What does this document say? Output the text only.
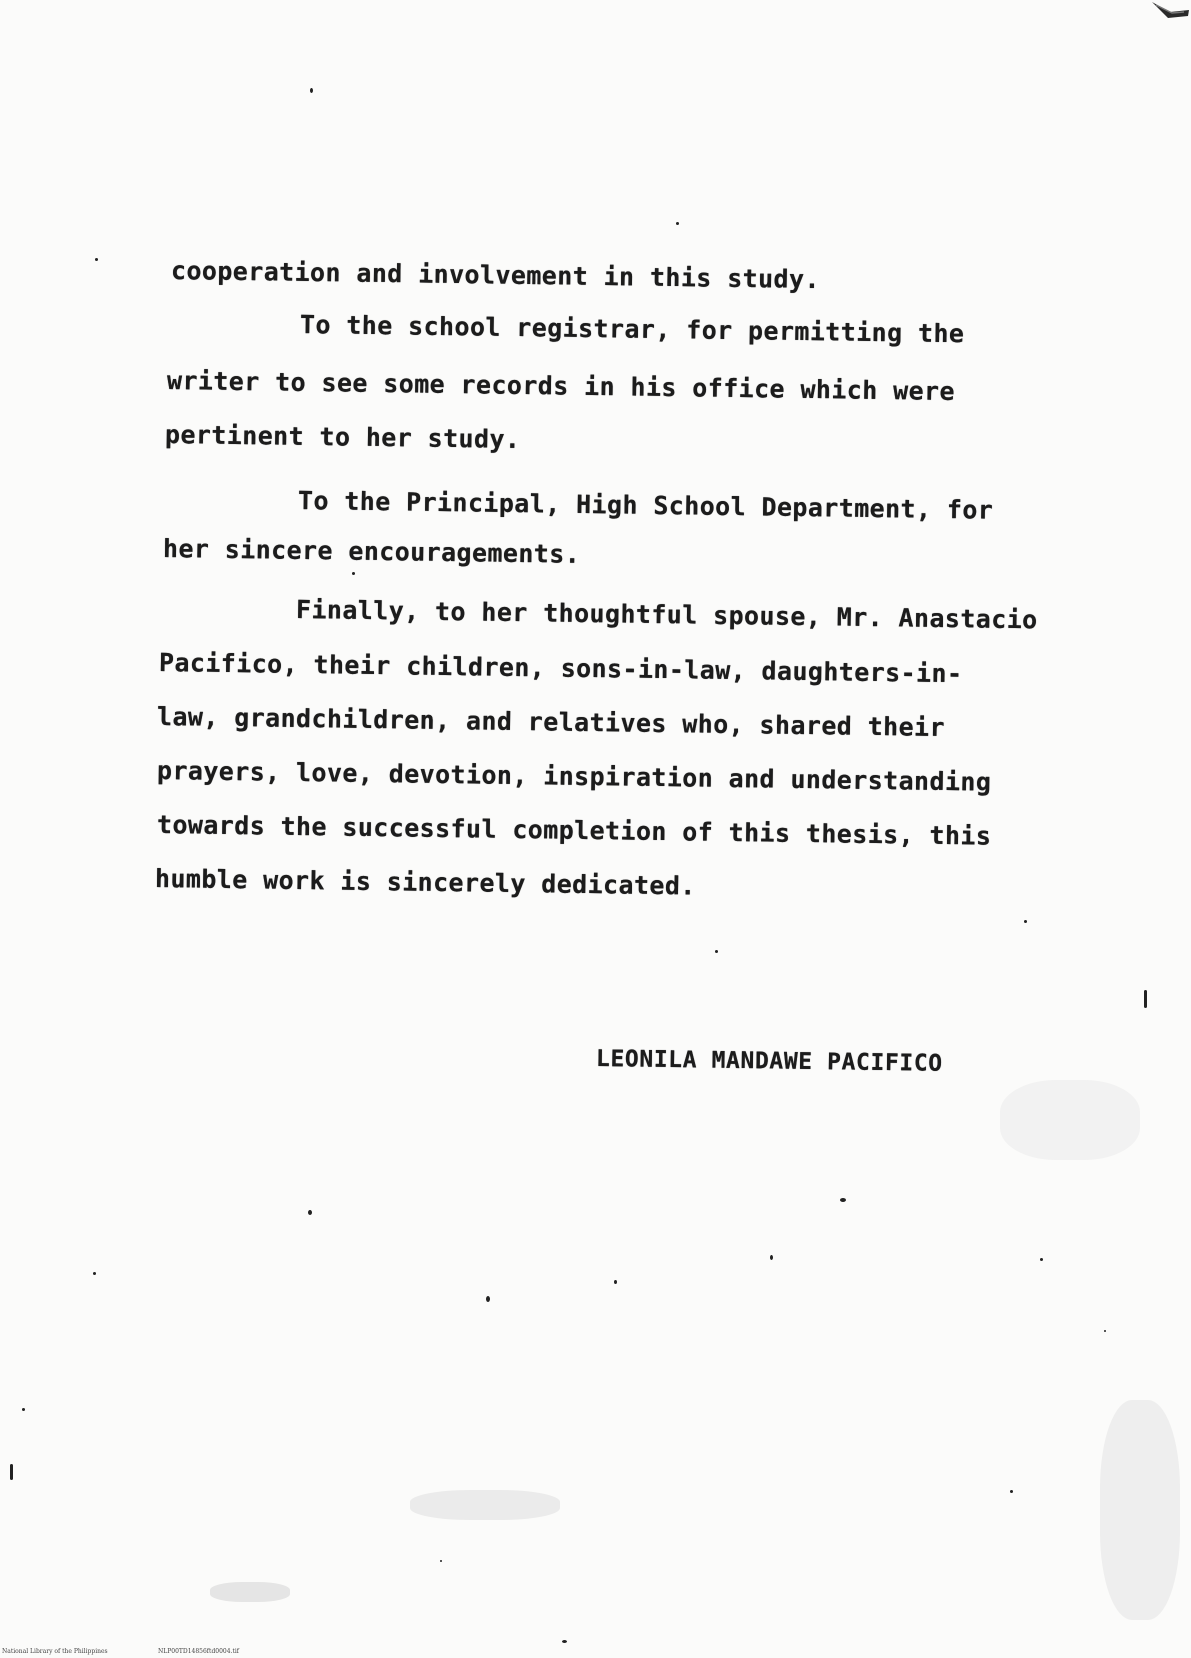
cooperation and involvement in this study.
To the school registrar, for permitting the
writer to see some records in his office which were
pertinent to her study.
To the Principal, High School Department, for
her sincere encouragements.
Finally, to her thoughtful spouse, Mr. Anastacio
Pacifico, their children, sons-in-law, daughters-in-
law, grandchildren, and relatives who, shared their
prayers, love, devotion, inspiration and understanding
towards the successful completion of this thesis, this
humble work is sincerely dedicated.
LEONILA MANDAWE PACIFICO
National Library of the Philippines	NLP00TD14856ftd0004.tif
